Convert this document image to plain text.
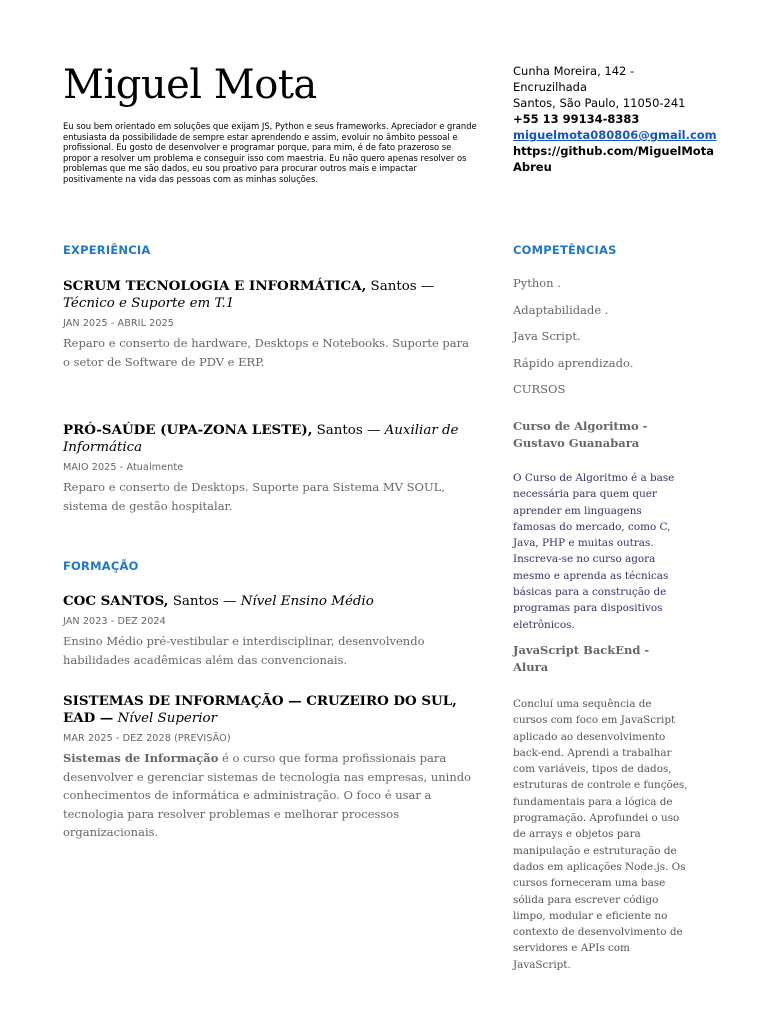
Miguel Mota

Eu sou bem orientado em soluções que exijam JS, Python e seus frameworks. Apreciador e grande entusiasta da possibilidade de sempre estar aprendendo e assim, evoluir no âmbito pessoal e profissional. Eu gosto de desenvolver e programar porque, para mim, é de fato prazeroso se propor a resolver um problema e conseguir isso com maestria. Eu não quero apenas resolver os problemas que me são dados, eu sou proativo para procurar outros mais e impactar positivamente na vida das pessoas com as minhas soluções.

Cunha Moreira, 142 -
Encruzilhada
Santos, São Paulo, 11050-241
+55 13 99134-8383
miguelmota080806@gmail.com
https://github.com/MiguelMota
Abreu
EXPERIÊNCIA
SCRUM TECNOLOGIA E INFORMÁTICA, Santos — Técnico e Suporte em T.1
JAN 2025 - ABRIL 2025
Reparo e conserto de hardware, Desktops e Notebooks. Suporte para o setor de Software de PDV e ERP.
PRÓ-SAÚDE (UPA-ZONA LESTE), Santos — Auxiliar de Informática
MAIO 2025 - Atualmente
Reparo e conserto de Desktops. Suporte para Sistema MV SOUL, sistema de gestão hospitalar.
FORMAÇÃO
COC SANTOS, Santos — Nível Ensino Médio
JAN 2023 - DEZ 2024
Ensino Médio pré-vestibular e interdisciplinar, desenvolvendo habilidades acadêmicas além das convencionais.
SISTEMAS DE INFORMAÇÃO — CRUZEIRO DO SUL, EAD — Nível Superior
MAR 2025 - DEZ 2028 (PREVISÃO)
Sistemas de Informação é o curso que forma profissionais para desenvolver e gerenciar sistemas de tecnologia nas empresas, unindo conhecimentos de informática e administração. O foco é usar a tecnologia para resolver problemas e melhorar processos organizacionais.
COMPETÊNCIAS
Python .
Adaptabilidade .
Java Script.
Rápido aprendizado.
CURSOS
Curso de Algoritmo - Gustavo Guanabara
O Curso de Algoritmo é a base necessária para quem quer aprender em linguagens famosas do mercado, como C, Java, PHP e muitas outras. Inscreva-se no curso agora mesmo e aprenda as técnicas básicas para a construção de programas para dispositivos eletrônicos.
JavaScript BackEnd - Alura
Concluí uma sequência de cursos com foco em JavaScript aplicado ao desenvolvimento back-end. Aprendi a trabalhar com variáveis, tipos de dados, estruturas de controle e funções, fundamentais para a lógica de programação. Aprofundei o uso de arrays e objetos para manipulação e estruturação de dados em aplicações Node.js. Os cursos forneceram uma base sólida para escrever código limpo, modular e eficiente no contexto de desenvolvimento de servidores e APIs com JavaScript.
